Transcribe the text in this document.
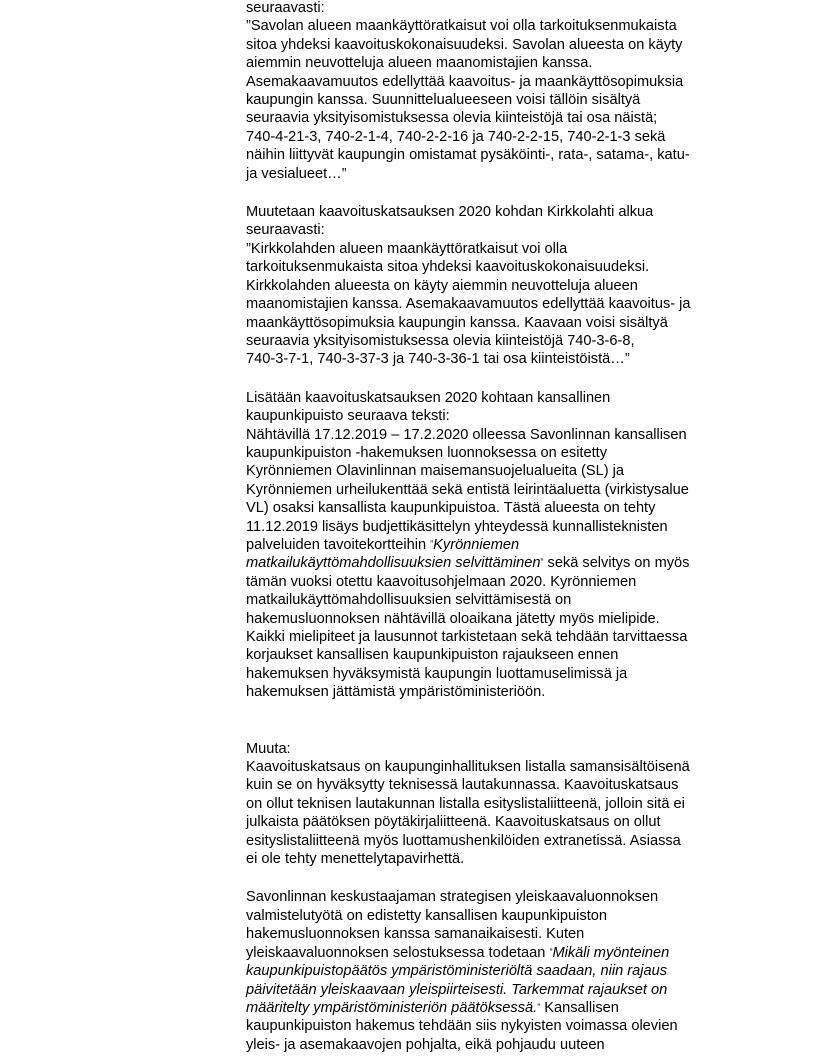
seuraavasti:
”Savolan alueen maankäyttöratkaisut voi olla tarkoituksenmukaista
sitoa yhdeksi kaavoituskokonaisuudeksi. Savolan alueesta on käyty
aiemmin neuvotteluja alueen maanomistajien kanssa.
Asemakaavamuutos edellyttää kaavoitus- ja maankäyttösopimuksia
kaupungin kanssa. Suunnittelualueeseen voisi tällöin sisältyä
seuraavia yksityisomistuksessa olevia kiinteistöjä tai osa näistä;
740-4-21-3, 740-2-1-4, 740-2-2-16 ja 740-2-2-15, 740-2-1-3 sekä
näihin liittyvät kaupungin omistamat pysäköinti-, rata-, satama-, katu-
ja vesialueet…”
Muutetaan kaavoituskatsauksen 2020 kohdan Kirkkolahti alkua
seuraavasti:
”Kirkkolahden alueen maankäyttöratkaisut voi olla
tarkoituksenmukaista sitoa yhdeksi kaavoituskokonaisuudeksi.
Kirkkolahden alueesta on käyty aiemmin neuvotteluja alueen
maanomistajien kanssa. Asemakaavamuutos edellyttää kaavoitus- ja
maankäyttösopimuksia kaupungin kanssa. Kaavaan voisi sisältyä
seuraavia yksityisomistuksessa olevia kiinteistöjä 740-3-6-8,
740-3-7-1, 740-3-37-3 ja 740-3-36-1 tai osa kiinteistöistä…”
Lisätään kaavoituskatsauksen 2020 kohtaan kansallinen
kaupunkipuisto seuraava teksti:
Nähtävillä 17.12.2019 – 17.2.2020 olleessa Savonlinnan kansallisen
kaupunkipuiston -hakemuksen luonnoksessa on esitetty
Kyrönniemen Olavinlinnan maisemansuojelualueita (SL) ja
Kyrönniemen urheilukenttää sekä entistä leirintäaluetta (virkistysalue
VL) osaksi kansallista kaupunkipuistoa. Tästä alueesta on tehty
11.12.2019 lisäys budjettikäsittelyn yhteydessä kunnallisteknisten
palveluiden tavoitekortteihin ”Kyrönniemen
matkailukäyttömahdollisuuksien selvittäminen” sekä selvitys on myös
tämän vuoksi otettu kaavoitusohjelmaan 2020. Kyrönniemen
matkailukäyttömahdollisuuksien selvittämisestä on
hakemusluonnoksen nähtävillä oloaikana jätetty myös mielipide.
Kaikki mielipiteet ja lausunnot tarkistetaan sekä tehdään tarvittaessa
korjaukset kansallisen kaupunkipuiston rajaukseen ennen
hakemuksen hyväksymistä kaupungin luottamuselimissä ja
hakemuksen jättämistä ympäristöministeriöön.
Muuta:
Kaavoituskatsaus on kaupunginhallituksen listalla samansisältöisenä
kuin se on hyväksytty teknisessä lautakunnassa. Kaavoituskatsaus
on ollut teknisen lautakunnan listalla esityslistaliitteenä, jolloin sitä ei
julkaista päätöksen pöytäkirjaliitteenä. Kaavoituskatsaus on ollut
esityslistaliitteenä myös luottamushenkilöiden extranetissä. Asiassa
ei ole tehty menettelytapavirhettä.
Savonlinnan keskustaajaman strategisen yleiskaavaluonnoksen
valmistelutyötä on edistetty kansallisen kaupunkipuiston
hakemusluonnoksen kanssa samanaikaisesti. Kuten
yleiskaavaluonnoksen selostuksessa todetaan ”Mikäli myönteinen
kaupunkipuistopäätös ympäristöministeriöltä saadaan, niin rajaus
päivitetään yleiskaavaan yleispiirteisesti. Tarkemmat rajaukset on
määritelty ympäristöministeriön päätöksessä.” Kansallisen
kaupunkipuiston hakemus tehdään siis nykyisten voimassa olevien
yleis- ja asemakaavojen pohjalta, eikä pohjaudu uuteen
